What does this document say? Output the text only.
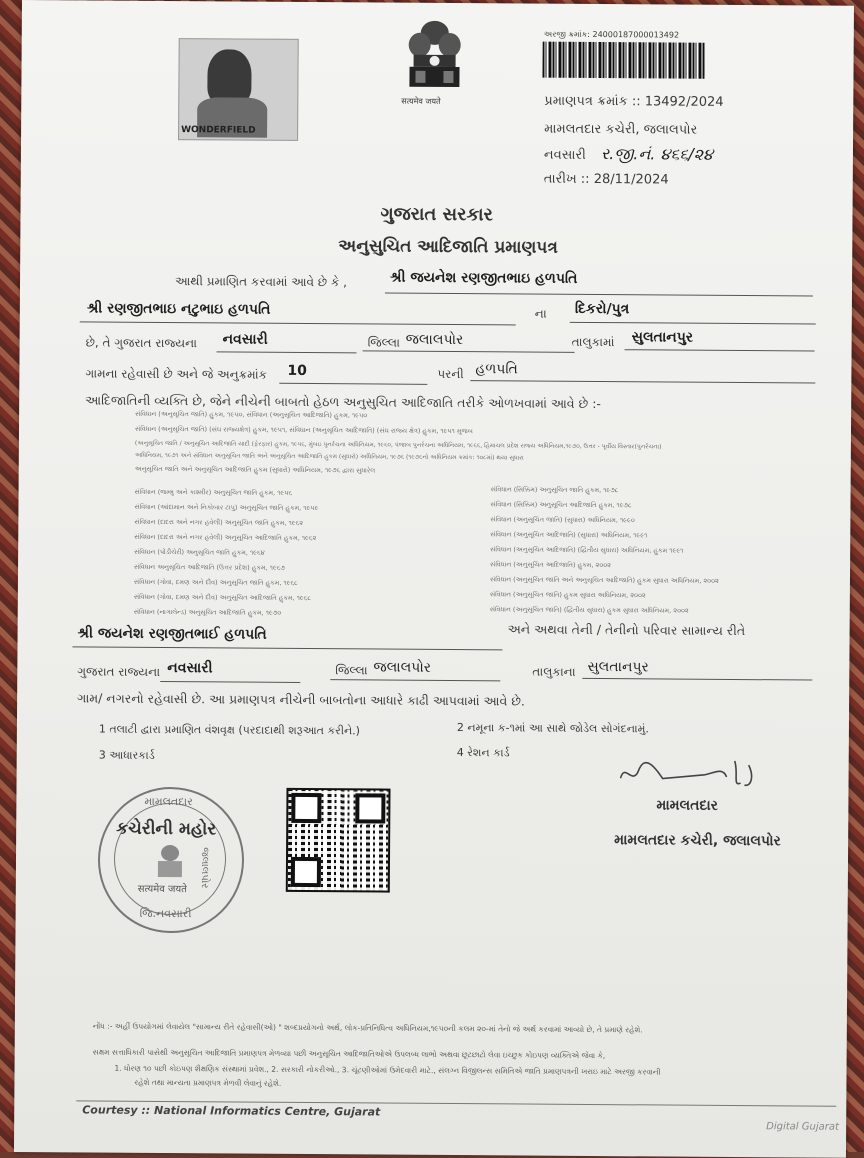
WONDERFIELD
सत्यमेव जयते
અરજી ક્રમાંક: 24000187000013492
પ્રમાણપત્ર ક્રમાંક :: 13492/2024
મામલતદાર કચેરી, જલાલપોર
નવસારી ર.જી.નં. ૪૬૬/૨૪
તારીખ :: 28/11/2024
ગુજરાત સરકાર
અનુસુચિત આદિજાતિ પ્રમાણપત્ર
આથી પ્રમાણિત કરવામાં આવે છે કે ,	શ્રી જયનેશ રણજીતભાઇ હળપતિ
શ્રી રણજીતભાઇ નટુભાઇ હળપતિ	ના દિકરો/પુત્ર
છે, તે ગુજરાત રાજ્યના નવસારી	જિલ્લા જલાલપોર	તાલુકામાં સુલતાનપુર
ગામના રહેવાસી છે અને જે અનુક્રમાંક 10	પરની હળપતિ
આદિજાતિની વ્યક્તિ છે, જેને નીચેની બાબતો હેઠળ અનુસુચિત આદિજાતિ તરીકે ઓળખવામાં આવે છે :-
સંવિધાન (અનુસૂચિત જાતિ) હુકમ, ૧૯૫૦, સંવિધાન (અનુસૂચિત આદિજાતિ) હુકમ, ૧૯૫૦
સંવિધાન (અનુસૂચિત જાતિ) (સંઘ રાજ્યક્ષેત્ર) હુકમ, ૧૯૫૧, સંવિધાન (અનુસૂચિત આદિજાતિ) (સંઘ રાજ્ય ક્ષેત્ર) હુકમ, ૧૯૫૧ મુજબ
(અનુસૂચિત જાતિ / અનુસૂચિત આદિજાતિ યાદી (ફેરફાર) હુકમ, ૧૯૫૬, મુંબઇ પુનર્રચના અધિનિયમ, ૧૯૬૦, પંજાબ પુનર્રચના અધિનિયમ, ૧૯૬૬, હિમાચલ પ્રદેશ રાજ્ય અધિનિયમ,૧૯૭૦, ઉત્તર - પૂર્વીય વિસ્તાર(પુનર્રચના)
અધિનિયમ, ૧૯૭૧ અને સંવિધાન અનુસૂચિત જાતિ અને અનુસૂચિત આદિજાતિ હુકમ (સુધારો) અધિનિયમ, ૧૯૭૬ (૧૯૭૬નો અધિનિયમ ક્રમાંક: ૧૦૮માં) થયા સુધારા
અનુસૂચિત જાતિ અને અનુસૂચિત આદિજાતિ હુકમ (સુધારો) અધિનિયમ, ૧૯૭૬ દ્વારા સુધારેલ
સંવિધાન (જમ્મુ અને કાશ્મીર) અનુસૂચિત જાતિ હુકમ, ૧૯૫૬
સંવિધાન (આંદામાન અને નિકોબાર ટાપુ) અનુસૂચિત જાતિ હુકમ, ૧૯૫૯
સંવિધાન (દાદરા અને નગર હવેલી) અનુસૂચિત જાતિ હુકમ, ૧૯૬૨
સંવિધાન (દાદરા અને નગર હવેલી) અનુસૂચિત આદિજાતિ હુકમ, ૧૯૬૨
સંવિધાન (પોંડીચેરી) અનુસૂચિત જાતિ હુકમ, ૧૯૬૪
સંવિધાન અનુસૂચિત આદિજાતિ (ઉત્તર પ્રદેશ) હુકમ, ૧૯૬૭
સંવિધાન (ગોવા, દમણ અને દીવ) અનુસૂચિત જાતિ હુકમ, ૧૯૬૮
સંવિધાન (ગોવા, દમણ અને દીવ) અનુસૂચિત આદિજાતિ હુકમ, ૧૯૬૮
સંવિધાન (નાગાલેન્ડ) અનુસૂચિત આદિજાતિ હુકમ, ૧૯૭૦
સંવિધાન (સિક્કિમ) અનુસૂચિત જાતિ હુકમ, ૧૯૭૮
સંવિધાન (સિક્કિમ) અનુસૂચિત આદિજાતિ હુકમ, ૧૯૭૮
સંવિધાન (અનુસૂચિત જાતિ) (સુધારા) અધિનિયમ, ૧૯૯૦
સંવિધાન (અનુસૂચિત આદિજાતિ) (સુધારા) અધિનિયમ, ૧૯૯૧
સંવિધાન (અનુસૂચિત આદિજાતિ) (દ્વિતીય સુધારા) અધિનિયમ, હુકમ ૧૯૯૧
સંવિધાન (અનુસૂચિત આદિજાતિ) હુકમ, ૨૦૦૨
સંવિધાન (અનુસૂચિત જાતિ અને અનુસૂચિત આદિજાતિ) હુકમ સુધારા અધિનિયમ, ૨૦૦૨
સંવિધાન (અનુસૂચિત જાતિ) હુકમ સુધારા અધિનિયમ, ૨૦૦૨
સંવિધાન (અનુસૂચિત જાતિ) (દ્વિતીય સુધારા) હુકમ સુધારા અધિનિયમ, ૨૦૦૨
શ્રી જયનેશ રણજીતભાઈ હળપતિ	અને અથવા તેની / તેનીનો પરિવાર સામાન્ય રીતે
ગુજરાત રાજ્યના નવસારી	જિલ્લા જલાલપોર	તાલુકાના સુલતાનપુર
ગામ/ નગરનો રહેવાસી છે. આ પ્રમાણપત્ર નીચેની બાબતોના આધારે કાઢી આપવામાં આવે છે.
1 તલાટી દ્વારા પ્રમાણિત વંશવૃક્ષ (પરદાદાથી શરૂઆત કરીને.)	2 નમૂના ક-૧માં આ સાથે જોડેલ સોગંદનામું.
3 આધારકાર્ડ	4 રેશન કાર્ડ
મામલતદાર
મામલતદાર કચેરી, જલાલપોર
મામલતદાર
કચેરીની મહોર
सत्यमेव जयते
જિ.નવસારી
જલાલપોર
નોંધ :- અહીં ઉપયોગમાં લેવાયેલ "સામાન્ય રીતે રહેવાસી(ઓ) " શબ્દપ્રયોગનો અર્થ, લોક-પ્રતિનિધિત્વ અધિનિયમ,૧૯૫૦ની કલમ ૨૦-માં તેનો જે અર્થ કરવામાં આવ્યો છે, તે પ્રમાણે રહેશે.
સક્ષમ સત્તાધિકારી પાસેથી અનુસૂચિત આદિજાતિ પ્રમાણપત્ર મેળવ્યા પછી અનુસૂચિત આદિજાતિઓએ ઉપલબ્ધ લાભો અથવા છૂટછાટો લેવા ઇચ્છુક કોઇપણ વ્યક્તિએ જેવા કે,
1. ધોરણ ૧૦ પછી કોઇપણ શૈક્ષણિક સંસ્થામાં પ્રવેશ., 2. સરકારી નોકરીઓ., 3. ચૂંટણીઓમાં ઉમેદવારી માટે., સંલગ્ન વિજીલન્સ સમિતિએ જાતિ પ્રમાણપત્રની ખરાઇ માટે અરજી કરવાની
રહેશે તથા માન્યતા પ્રમાણપત્ર મેળવી લેવાનું રહેશે.
Courtesy :: National Informatics Centre, Gujarat
Digital Gujarat
